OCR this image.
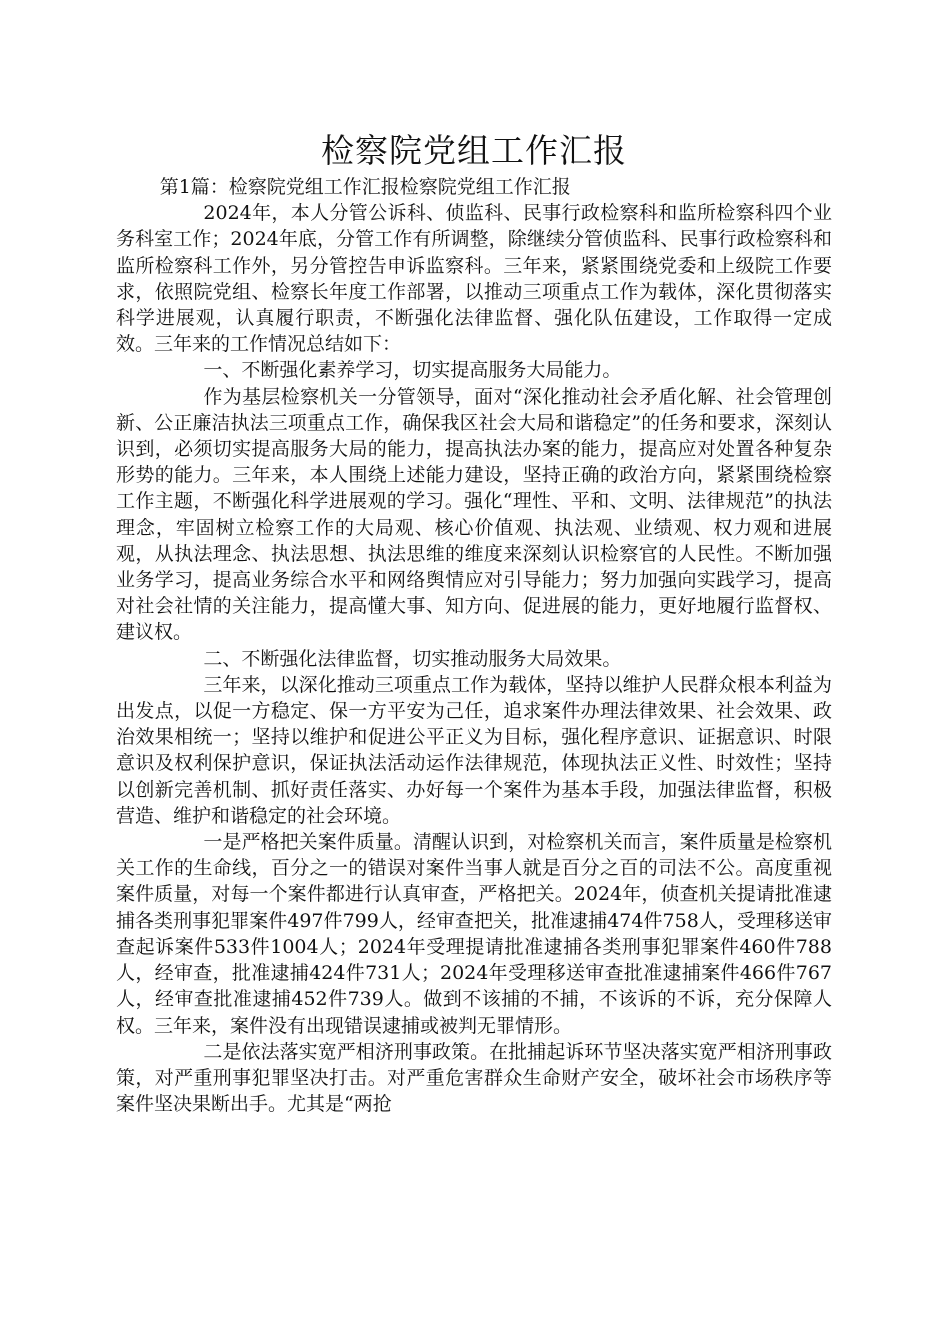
检察院党组工作汇报

第1篇：检察院党组工作汇报检察院党组工作汇报

2024年，本人分管公诉科、侦监科、民事行政检察科和监所检察科四个业务科室工作；2024年底，分管工作有所调整，除继续分管侦监科、民事行政检察科和监所检察科工作外，另分管控告申诉监察科。三年来，紧紧围绕党委和上级院工作要求，依照院党组、检察长年度工作部署，以推动三项重点工作为载体，深化贯彻落实科学进展观，认真履行职责，不断强化法律监督、强化队伍建设，工作取得一定成效。三年来的工作情况总结如下：

一、不断强化素养学习，切实提高服务大局能力。

作为基层检察机关一分管领导，面对“深化推动社会矛盾化解、社会管理创新、公正廉洁执法三项重点工作，确保我区社会大局和谐稳定”的任务和要求，深刻认识到，必须切实提高服务大局的能力，提高执法办案的能力，提高应对处置各种复杂形势的能力。三年来，本人围绕上述能力建设，坚持正确的政治方向，紧紧围绕检察工作主题，不断强化科学进展观的学习。强化“理性、平和、文明、法律规范”的执法理念，牢固树立检察工作的大局观、核心价值观、执法观、业绩观、权力观和进展观，从执法理念、执法思想、执法思维的维度来深刻认识检察官的人民性。不断加强业务学习，提高业务综合水平和网络舆情应对引导能力；努力加强向实践学习，提高对社会社情的关注能力，提高懂大事、知方向、促进展的能力，更好地履行监督权、建议权。

二、不断强化法律监督，切实推动服务大局效果。

三年来，以深化推动三项重点工作为载体，坚持以维护人民群众根本利益为出发点，以促一方稳定、保一方平安为己任，追求案件办理法律效果、社会效果、政治效果相统一；坚持以维护和促进公平正义为目标，强化程序意识、证据意识、时限意识及权利保护意识，保证执法活动运作法律规范，体现执法正义性、时效性；坚持以创新完善机制、抓好责任落实、办好每一个案件为基本手段，加强法律监督，积极营造、维护和谐稳定的社会环境。

一是严格把关案件质量。清醒认识到，对检察机关而言，案件质量是检察机关工作的生命线，百分之一的错误对案件当事人就是百分之百的司法不公。高度重视案件质量，对每一个案件都进行认真审查，严格把关。2024年，侦查机关提请批准逮捕各类刑事犯罪案件497件799人，经审查把关，批准逮捕474件758人，受理移送审查起诉案件533件1004人；2024年受理提请批准逮捕各类刑事犯罪案件460件788人，经审查，批准逮捕424件731人；2024年受理移送审查批准逮捕案件466件767人，经审查批准逮捕452件739人。做到不该捕的不捕，不该诉的不诉，充分保障人权。三年来，案件没有出现错误逮捕或被判无罪情形。

二是依法落实宽严相济刑事政策。在批捕起诉环节坚决落实宽严相济刑事政策，对严重刑事犯罪坚决打击。对严重危害群众生命财产安全，破坏社会市场秩序等案件坚决果断出手。尤其是“两抢
